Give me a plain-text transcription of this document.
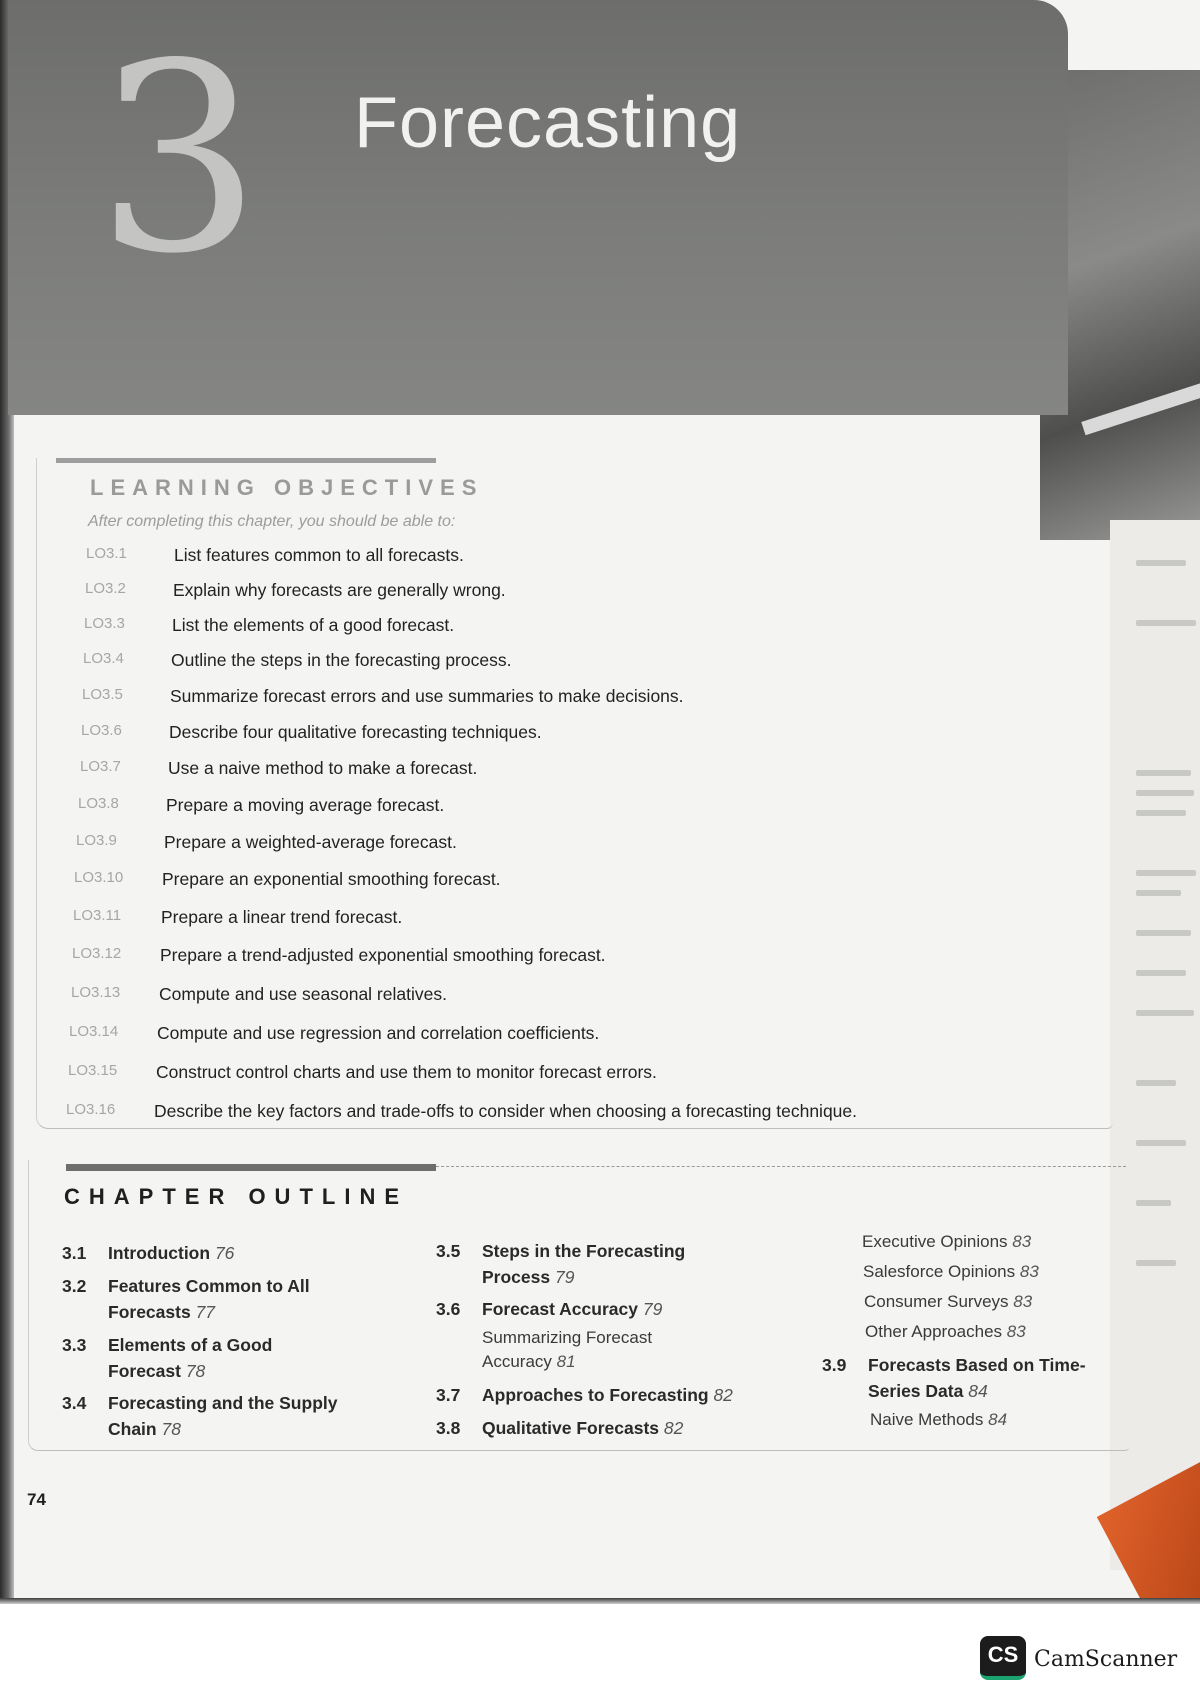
3 Forecasting
LEARNING OBJECTIVES
After completing this chapter, you should be able to:
LO3.1	List features common to all forecasts.
LO3.2	Explain why forecasts are generally wrong.
LO3.3	List the elements of a good forecast.
LO3.4	Outline the steps in the forecasting process.
LO3.5	Summarize forecast errors and use summaries to make decisions.
LO3.6	Describe four qualitative forecasting techniques.
LO3.7	Use a naive method to make a forecast.
LO3.8	Prepare a moving average forecast.
LO3.9	Prepare a weighted-average forecast.
LO3.10 Prepare an exponential smoothing forecast.
LO3.11 Prepare a linear trend forecast.
LO3.12 Prepare a trend-adjusted exponential smoothing forecast.
LO3.13 Compute and use seasonal relatives.
LO3.14 Compute and use regression and correlation coefficients.
LO3.15 Construct control charts and use them to monitor forecast errors.
LO3.16 Describe the key factors and trade-offs to consider when choosing a forecasting technique.
CHAPTER OUTLINE
3.1 Introduction 76
3.2 Features Common to All Forecasts 77
3.3 Elements of a Good Forecast 78
3.4 Forecasting and the Supply Chain 78
3.5 Steps in the Forecasting Process 79
3.6 Forecast Accuracy 79
Summarizing Forecast Accuracy 81
3.7 Approaches to Forecasting 82
3.8 Qualitative Forecasts 82
Executive Opinions 83
Salesforce Opinions 83
Consumer Surveys 83
Other Approaches 83
3.9 Forecasts Based on Time-Series Data 84
Naive Methods 84
74
CS CamScanner
